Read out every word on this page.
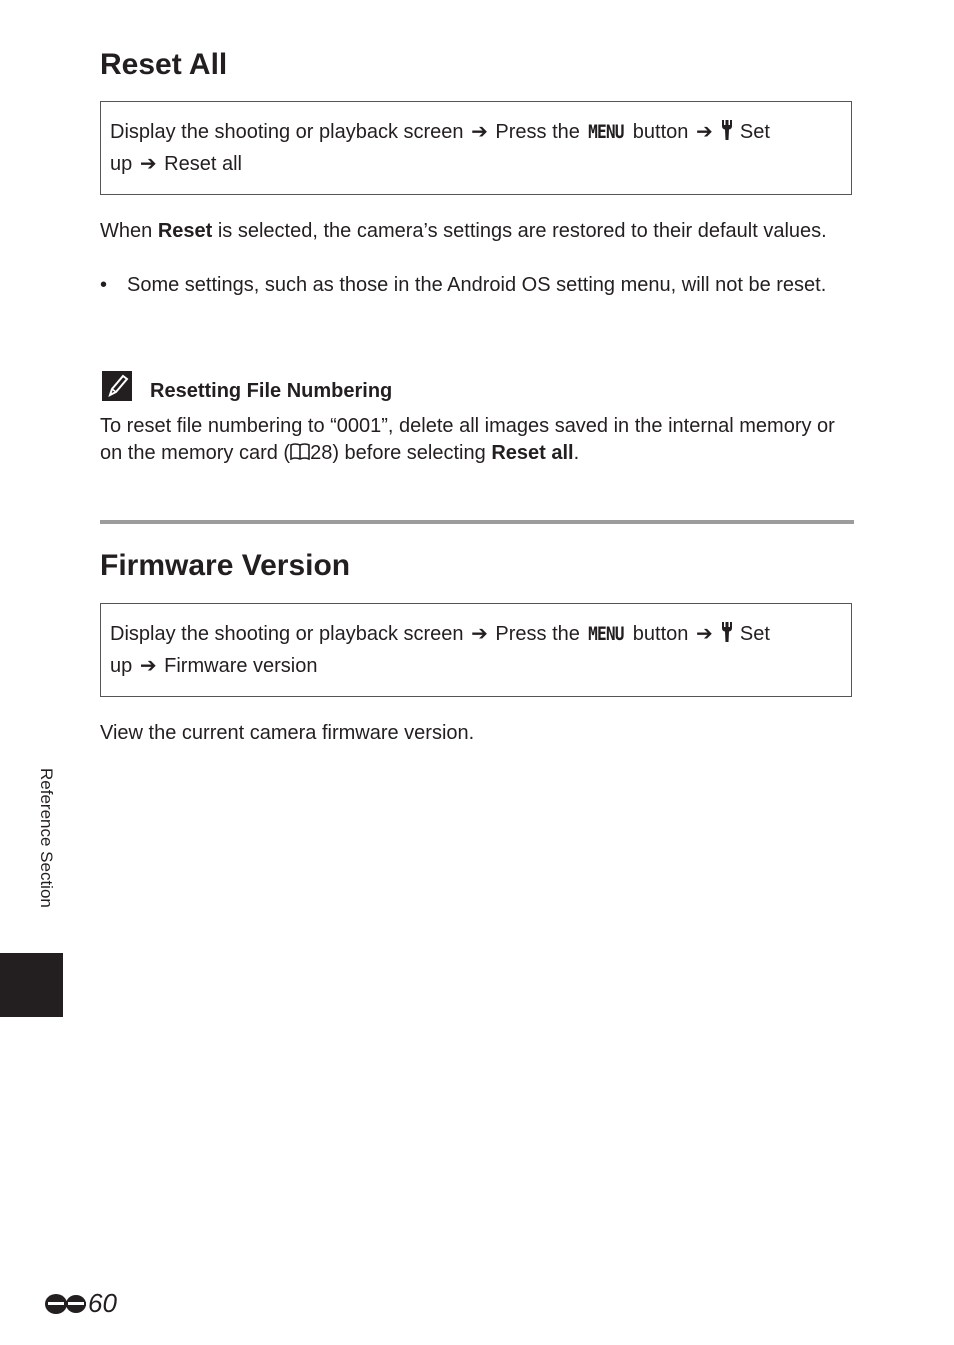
Reset All
Display the shooting or playback screen ➔ Press the MENU button ➔ Set
up ➔ Reset all

When Reset is selected, the camera’s settings are restored to their default values.

• Some settings, such as those in the Android OS setting menu, will not be reset.
Resetting File Numbering

To reset file numbering to “0001”, delete all images saved in the internal memory or on the memory card ( 28) before selecting Reset all.

Firmware Version
Display the shooting or playback screen ➔ Press the MENU button ➔ Set
up ➔ Firmware version

View the current camera firmware version.

Reference Section
60
